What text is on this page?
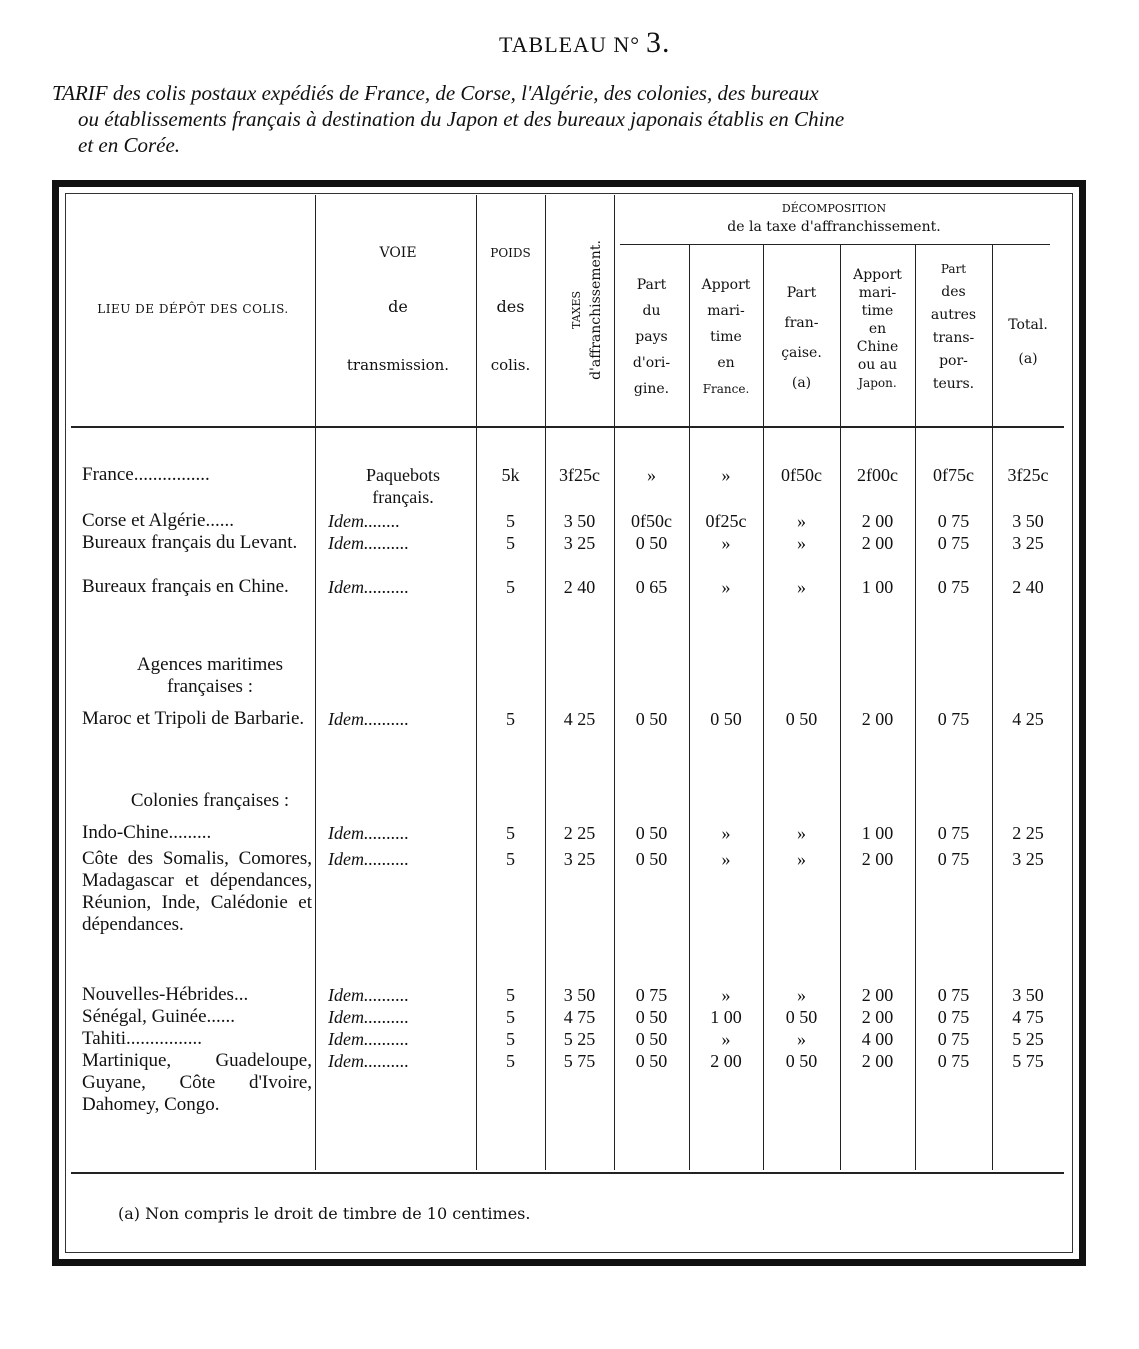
TABLEAU N° 3.
TARIF des colis postaux expédiés de France, de Corse, l'Algérie, des colonies, des bureaux
ou établissements français à destination du Japon et des bureaux japonais établis en Chine
et en Corée.
LIEU DE DÉPÔT DES COLIS.
VOIE
de
transmission.
POIDS
des
colis.
TAXES d'affranchissement.
DÉCOMPOSITION
de la taxe d'affranchissement.
Part
du
pays
d'ori-
gine.
Apport
mari-
time
en
France.
Part
fran-
çaise.
(a)
Apport
mari-
time
en
Chine
ou au
Japon.
Part
des
autres
trans-
por-
teurs.
Total.
(a)
France................	Paquebots
français.
5k	3f25c	»	»	0f50c	2f00c	0f75c	3f25c
Corse et Algérie......	Idem........	5	3 50	0f50c	0f25c	»	2 00	0 75	3 50
Bureaux français du Levant.	Idem..........	5	3 25	0 50	»	»	2 00	0 75	3 25
Bureaux français en Chine.	Idem..........	5	2 40	0 65	»	»	1 00	0 75	2 40
Agences maritimes françaises :
Maroc et Tripoli de Barbarie.	Idem..........	5	4 25	0 50	0 50	0 50	2 00	0 75	4 25
Colonies françaises :
Indo-Chine.........	Idem..........	5	2 25	0 50	»	»	1 00	0 75	2 25
Côte des Somalis, Comores, Madagascar et dépendances, Réunion, Inde, Calédonie et dépendances.
Idem..........	5	3 25	0 50	»	»	2 00	0 75	3 25
Nouvelles-Hébrides...	Idem..........	5	3 50	0 75	»	»	2 00	0 75	3 50
Sénégal, Guinée......	Idem..........	5	4 75	0 50	1 00	0 50	2 00	0 75	4 75
Tahiti................	Idem..........	5	5 25	0 50	»	»	4 00	0 75	5 25
Martinique, Guadeloupe, Guyane, Côte d'Ivoire, Dahomey, Congo.
Idem..........	5	5 75	0 50	2 00	0 50	2 00	0 75	5 75
(a) Non compris le droit de timbre de 10 centimes.
